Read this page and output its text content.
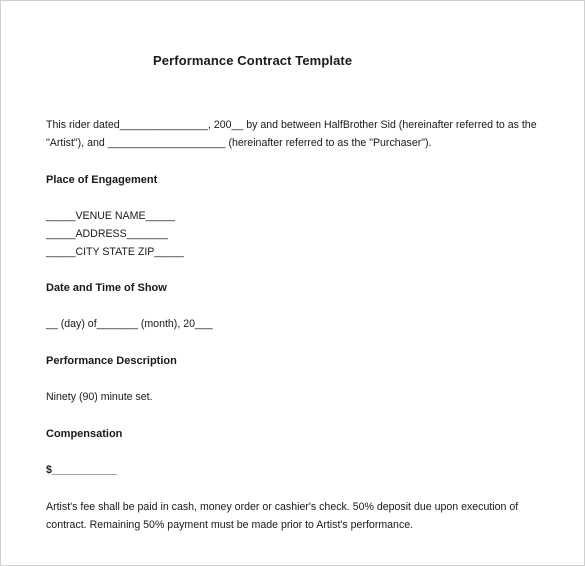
Performance Contract Template
This rider dated_______________, 200__ by and between HalfBrother Sid (hereinafter referred to as the
"Artist"), and ____________________ (hereinafter referred to as the "Purchaser").
Place of Engagement
_____VENUE NAME_____
_____ADDRESS_______
_____CITY STATE ZIP_____
Date and Time of Show
__ (day) of_______ (month), 20___
Performance Description
Ninety (90) minute set.
Compensation
$___________
Artist's fee shall be paid in cash, money order or cashier's check. 50% deposit due upon execution of
contract. Remaining 50% payment must be made prior to Artist's performance.
